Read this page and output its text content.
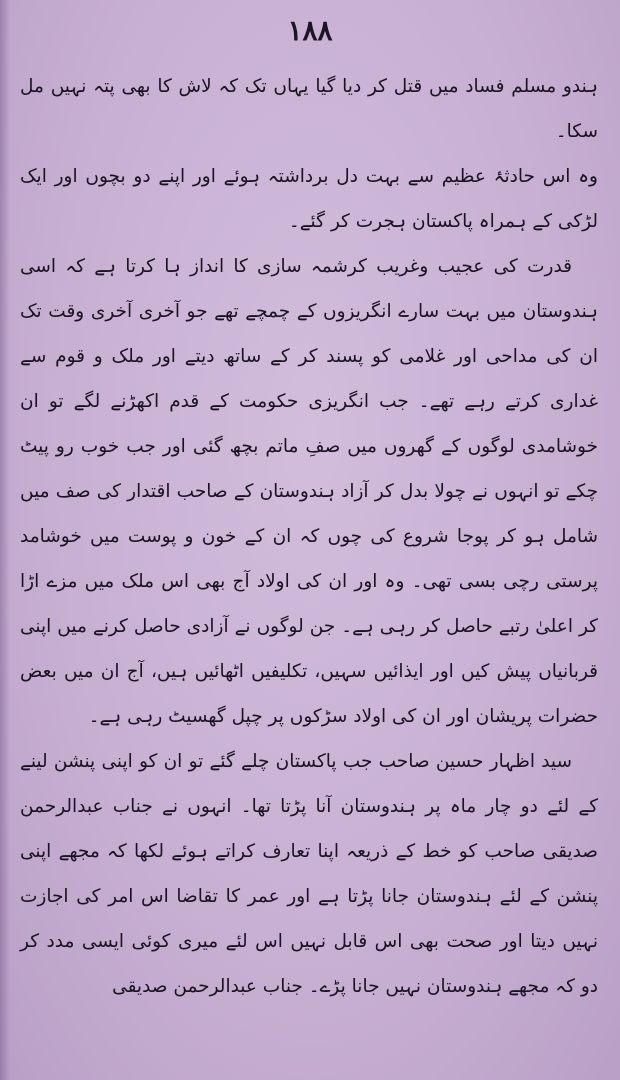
۱۸۸

ہندو مسلم فساد میں قتل کر دیا گیا یہاں تک کہ لاش کا بھی پتہ نہیں مل سکا۔

وہ اس حادثۂ عظیم سے بہت دل برداشتہ ہوئے اور اپنے دو بچوں اور ایک لڑکی کے ہمراہ پاکستان ہجرت کر گئے۔

قدرت کی عجیب وغریب کرشمہ سازی کا انداز ہا کرتا ہے کہ اسی ہندوستان میں بہت سارے انگریزوں کے چمچے تھے جو آخری آخری وقت تک ان کی مداحی اور غلامی کو پسند کر کے ساتھ دیتے اور ملک و قوم سے غداری کرتے رہے تھے۔ جب انگریزی حکومت کے قدم اکھڑنے لگے تو ان خوشامدی لوگوں کے گھروں میں صفِ ماتم بچھ گئی اور جب خوب رو پیٹ چکے تو انہوں نے چولا بدل کر آزاد ہندوستان کے صاحب اقتدار کی صف میں شامل ہو کر پوجا شروع کی چوں کہ ان کے خون و پوست میں خوشامد پرستی رچی بسی تھی۔ وہ اور ان کی اولاد آج بھی اس ملک میں مزے اڑا کر اعلیٰ رتبے حاصل کر رہی ہے۔ جن لوگوں نے آزادی حاصل کرنے میں اپنی قربانیاں پیش کیں اور ایذائیں سہیں، تکلیفیں اٹھائیں ہیں، آج ان میں بعض حضرات پریشان اور ان کی اولاد سڑکوں پر چپل گھسیٹ رہی ہے۔

سید اظہار حسین صاحب جب پاکستان چلے گئے تو ان کو اپنی پنشن لینے کے لئے دو چار ماہ پر ہندوستان آنا پڑتا تھا۔ انہوں نے جناب عبدالرحمن صدیقی صاحب کو خط کے ذریعہ اپنا تعارف کراتے ہوئے لکھا کہ مجھے اپنی پنشن کے لئے ہندوستان جانا پڑتا ہے اور عمر کا تقاضا اس امر کی اجازت نہیں دیتا اور صحت بھی اس قابل نہیں اس لئے میری کوئی ایسی مدد کر دو کہ مجھے ہندوستان نہیں جانا پڑے۔ جناب عبدالرحمن صدیقی
